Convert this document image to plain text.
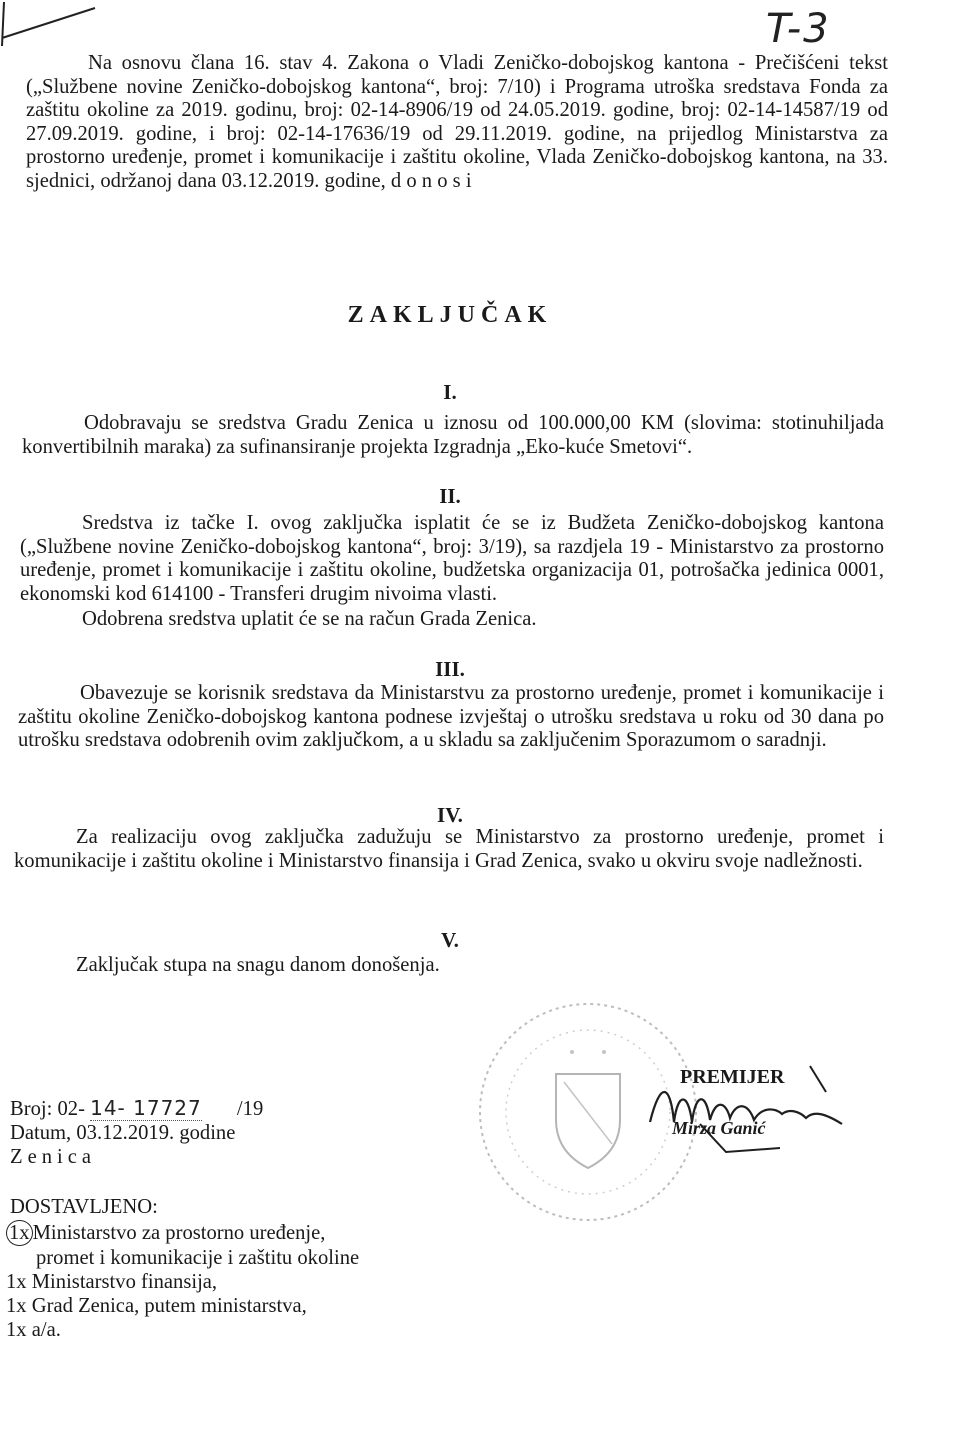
T-3

Na osnovu člana 16. stav 4. Zakona o Vladi Zeničko-dobojskog kantona - Prečišćeni tekst („Službene novine Zeničko-dobojskog kantona“, broj: 7/10) i Programa utroška sredstava Fonda za zaštitu okoline za 2019. godinu, broj: 02-14-8906/19 od 24.05.2019. godine, broj: 02-14-14587/19 od 27.09.2019. godine, i broj: 02-14-17636/19 od 29.11.2019. godine, na prijedlog Ministarstva za prostorno uređenje, promet i komunikacije i zaštitu okoline, Vlada Zeničko-dobojskog kantona, na 33. sjednici, održanoj dana 03.12.2019. godine, d o n o s i

ZAKLJUČAK
I.

Odobravaju se sredstva Gradu Zenica u iznosu od 100.000,00 KM (slovima: stotinuhiljada konvertibilnih maraka) za sufinansiranje projekta Izgradnja „Eko-kuće Smetovi“.

II.

Sredstva iz tačke I. ovog zaključka isplatit će se iz Budžeta Zeničko-dobojskog kantona („Službene novine Zeničko-dobojskog kantona“, broj: 3/19), sa razdjela 19 - Ministarstvo za prostorno uređenje, promet i komunikacije i zaštitu okoline, budžetska organizacija 01, potrošačka jedinica 0001, ekonomski kod 614100 - Transferi drugim nivoima vlasti.

Odobrena sredstva uplatit će se na račun Grada Zenica.
III.

Obavezuje se korisnik sredstava da Ministarstvu za prostorno uređenje, promet i komunikacije i zaštitu okoline Zeničko-dobojskog kantona podnese izvještaj o utrošku sredstava u roku od 30 dana po utrošku sredstava odobrenih ovim zaključkom, a u skladu sa zaključenim Sporazumom o saradnji.

IV.

Za realizaciju ovog zaključka zadužuju se Ministarstvo za prostorno uređenje, promet i komunikacije i zaštitu okoline i Ministarstvo finansija i Grad Zenica, svako u okviru svoje nadležnosti.

V.

Zaključak stupa na snagu danom donošenja.

PREMIJER
Mirza Ganić
Broj: 02- 14- 17727 /19
Datum, 03.12.2019. godine
Zenica
DOSTAVLJENO:
1x Ministarstvo za prostorno uređenje,
promet i komunikacije i zaštitu okoline
1x Ministarstvo finansija,
1x Grad Zenica, putem ministarstva,
1x a/a.
